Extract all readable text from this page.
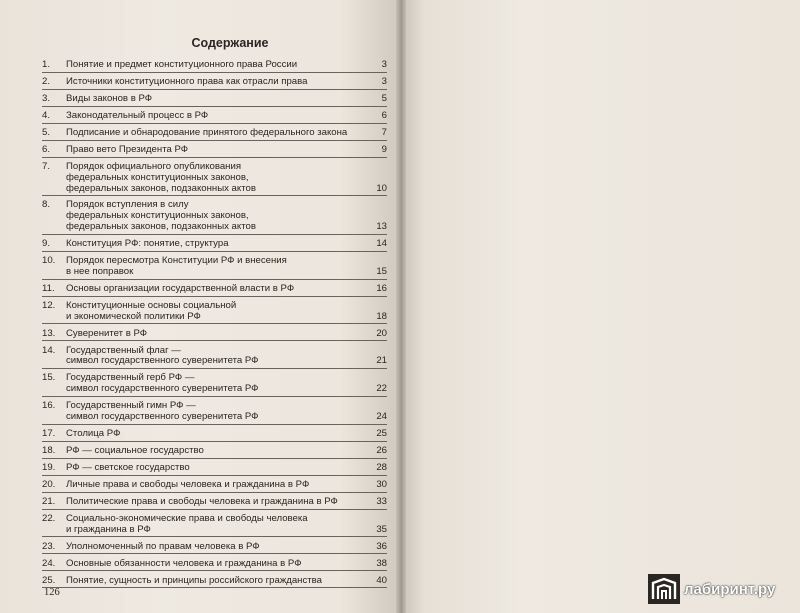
Содержание
1.	Понятие и предмет конституционного права России	3
2.	Источники конституционного права как отрасли права	3
3.	Виды законов в РФ	5
4.	Законодательный процесс в РФ	6
5.	Подписание и обнародование принятого федерального закона	7
6.	Право вето Президента РФ	9
7.	Порядок официального опубликования
федеральных конституционных законов,
федеральных законов, подзаконных актов	10
8.	Порядок вступления в силу
федеральных конституционных законов,
федеральных законов, подзаконных актов	13
9.	Конституция РФ: понятие, структура	14
10.	Порядок пересмотра Конституции РФ и внесения
в нее поправок	15
11.	Основы организации государственной власти в РФ	16
12.	Конституционные основы социальной
и экономической политики РФ	18
13.	Суверенитет в РФ	20
14.	Государственный флаг —
символ государственного суверенитета РФ	21
15.	Государственный герб РФ —
символ государственного суверенитета РФ	22
16.	Государственный гимн РФ —
символ государственного суверенитета РФ	24
17.	Столица РФ	25
18.	РФ — социальное государство	26
19.	РФ — светское государство	28
20.	Личные права и свободы человека и гражданина в РФ	30
21.	Политические права и свободы человека и гражданина в РФ	33
22.	Социально-экономические права и свободы человека
и гражданина в РФ	35
23.	Уполномоченный по правам человека в РФ	36
24.	Основные обязанности человека и гражданина в РФ	38
25.	Понятие, сущность и принципы российского гражданства	40
126	лабиринт.ру
